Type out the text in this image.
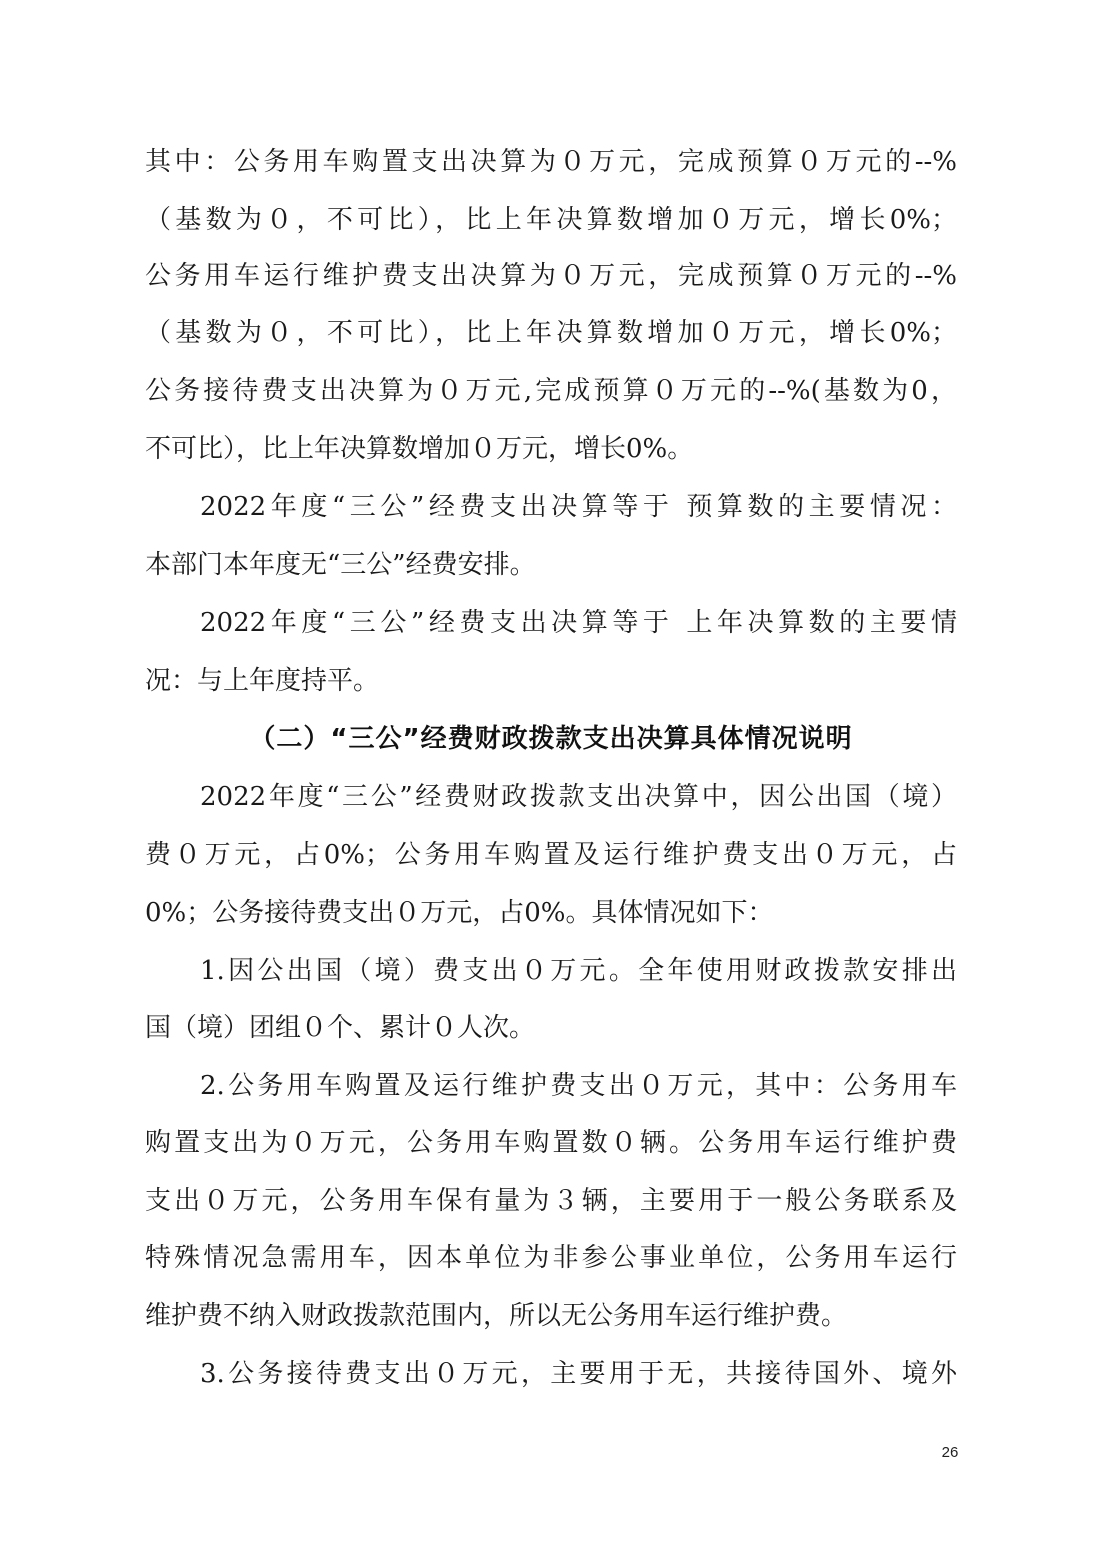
其中：公务用车购置支出决算为０万元，完成预算０万元的--%
（基数为０，不可比），比上年决算数增加０万元，增长0%；
公务用车运行维护费支出决算为０万元，完成预算０万元的--%
（基数为０，不可比），比上年决算数增加０万元，增长0%；
公务接待费支出决算为０万元,完成预算０万元的--%(基数为0，
不可比），比上年决算数增加０万元，增长0%。
2022年度“三公”经费支出决算等于 预算数的主要情况：
本部门本年度无“三公”经费安排。
2022年度“三公”经费支出决算等于 上年决算数的主要情
况：与上年度持平。
（二）“三公”经费财政拨款支出决算具体情况说明
2022年度“三公”经费财政拨款支出决算中，因公出国（境）
费０万元，占0%；公务用车购置及运行维护费支出０万元，占
0%；公务接待费支出０万元，占0%。具体情况如下：
1.因公出国（境）费支出０万元。全年使用财政拨款安排出
国（境）团组０个、累计０人次。
2.公务用车购置及运行维护费支出０万元，其中：公务用车
购置支出为０万元，公务用车购置数０辆。公务用车运行维护费
支出０万元，公务用车保有量为３辆，主要用于一般公务联系及
特殊情况急需用车，因本单位为非参公事业单位，公务用车运行
维护费不纳入财政拨款范围内，所以无公务用车运行维护费。
3.公务接待费支出０万元，主要用于无，共接待国外、境外
26
